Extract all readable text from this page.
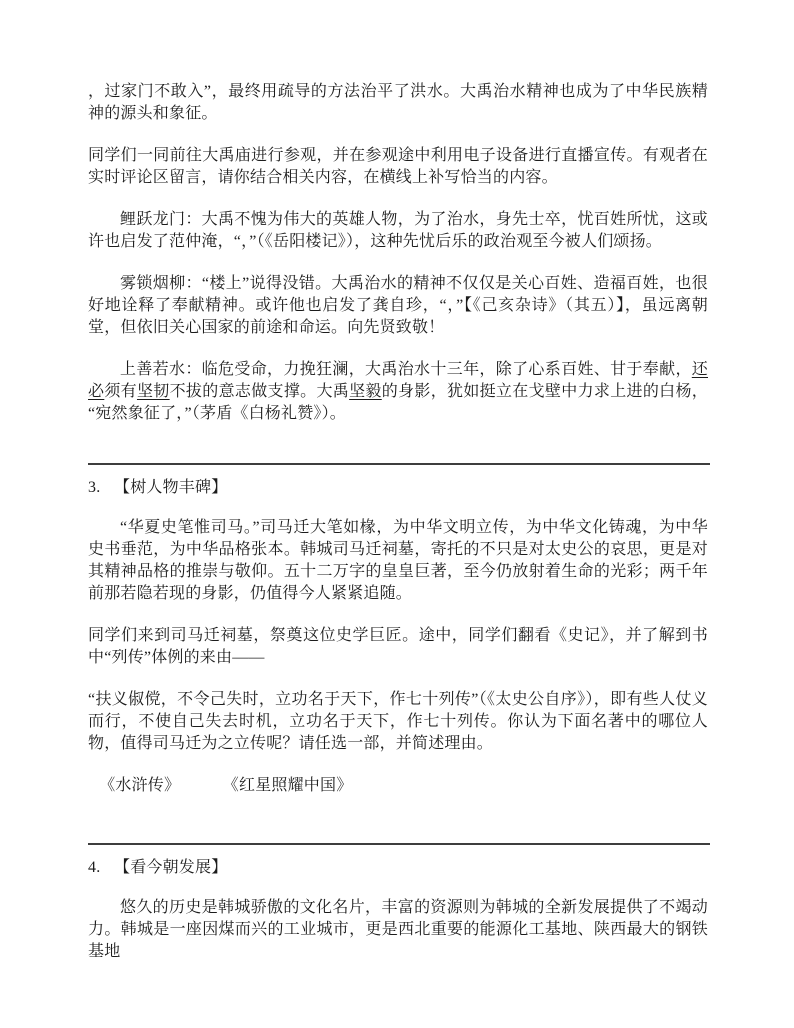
，过家门不敢入”，最终用疏导的方法治平了洪水。大禹治水精神也成为了中华民族精神的源头和象征。

同学们一同前往大禹庙进行参观，并在参观途中利用电子设备进行直播宣传。有观者在实时评论区留言，请你结合相关内容，在横线上补写恰当的内容。

鲤跃龙门：大禹不愧为伟大的英雄人物，为了治水，身先士卒，忧百姓所忧，这或许也启发了范仲淹，“，”（《岳阳楼记》），这种先忧后乐的政治观至今被人们颂扬。

雾锁烟柳：“楼上”说得没错。大禹治水的精神不仅仅是关心百姓、造福百姓，也很好地诠释了奉献精神。或许他也启发了龚自珍，“，”【《己亥杂诗》（其五）】，虽远离朝堂，但依旧关心国家的前途和命运。向先贤致敬！

上善若水：临危受命，力挽狂澜，大禹治水十三年，除了心系百姓、甘于奉献，还必须有坚韧不拔的意志做支撑。大禹坚毅的身影，犹如挺立在戈壁中力求上进的白杨，“宛然象征了，”（茅盾《白杨礼赞》）。

3. 【树人物丰碑】

“华夏史笔惟司马。”司马迁大笔如椽，为中华文明立传，为中华文化铸魂，为中华史书垂范，为中华品格张本。韩城司马迁祠墓，寄托的不只是对太史公的哀思，更是对其精神品格的推崇与敬仰。五十二万字的皇皇巨著，至今仍放射着生命的光彩；两千年前那若隐若现的身影，仍值得今人紧紧追随。

同学们来到司马迁祠墓，祭奠这位史学巨匠。途中，同学们翻看《史记》，并了解到书中“列传”体例的来由——

“扶义俶傥，不令己失时，立功名于天下，作七十列传”（《太史公自序》），即有些人仗义而行，不使自己失去时机，立功名于天下，作七十列传。你认为下面名著中的哪位人物，值得司马迁为之立传呢？请任选一部，并简述理由。

《水浒传》	《红星照耀中国》

4. 【看今朝发展】

悠久的历史是韩城骄傲的文化名片，丰富的资源则为韩城的全新发展提供了不竭动力。韩城是一座因煤而兴的工业城市，更是西北重要的能源化工基地、陕西最大的钢铁基地
